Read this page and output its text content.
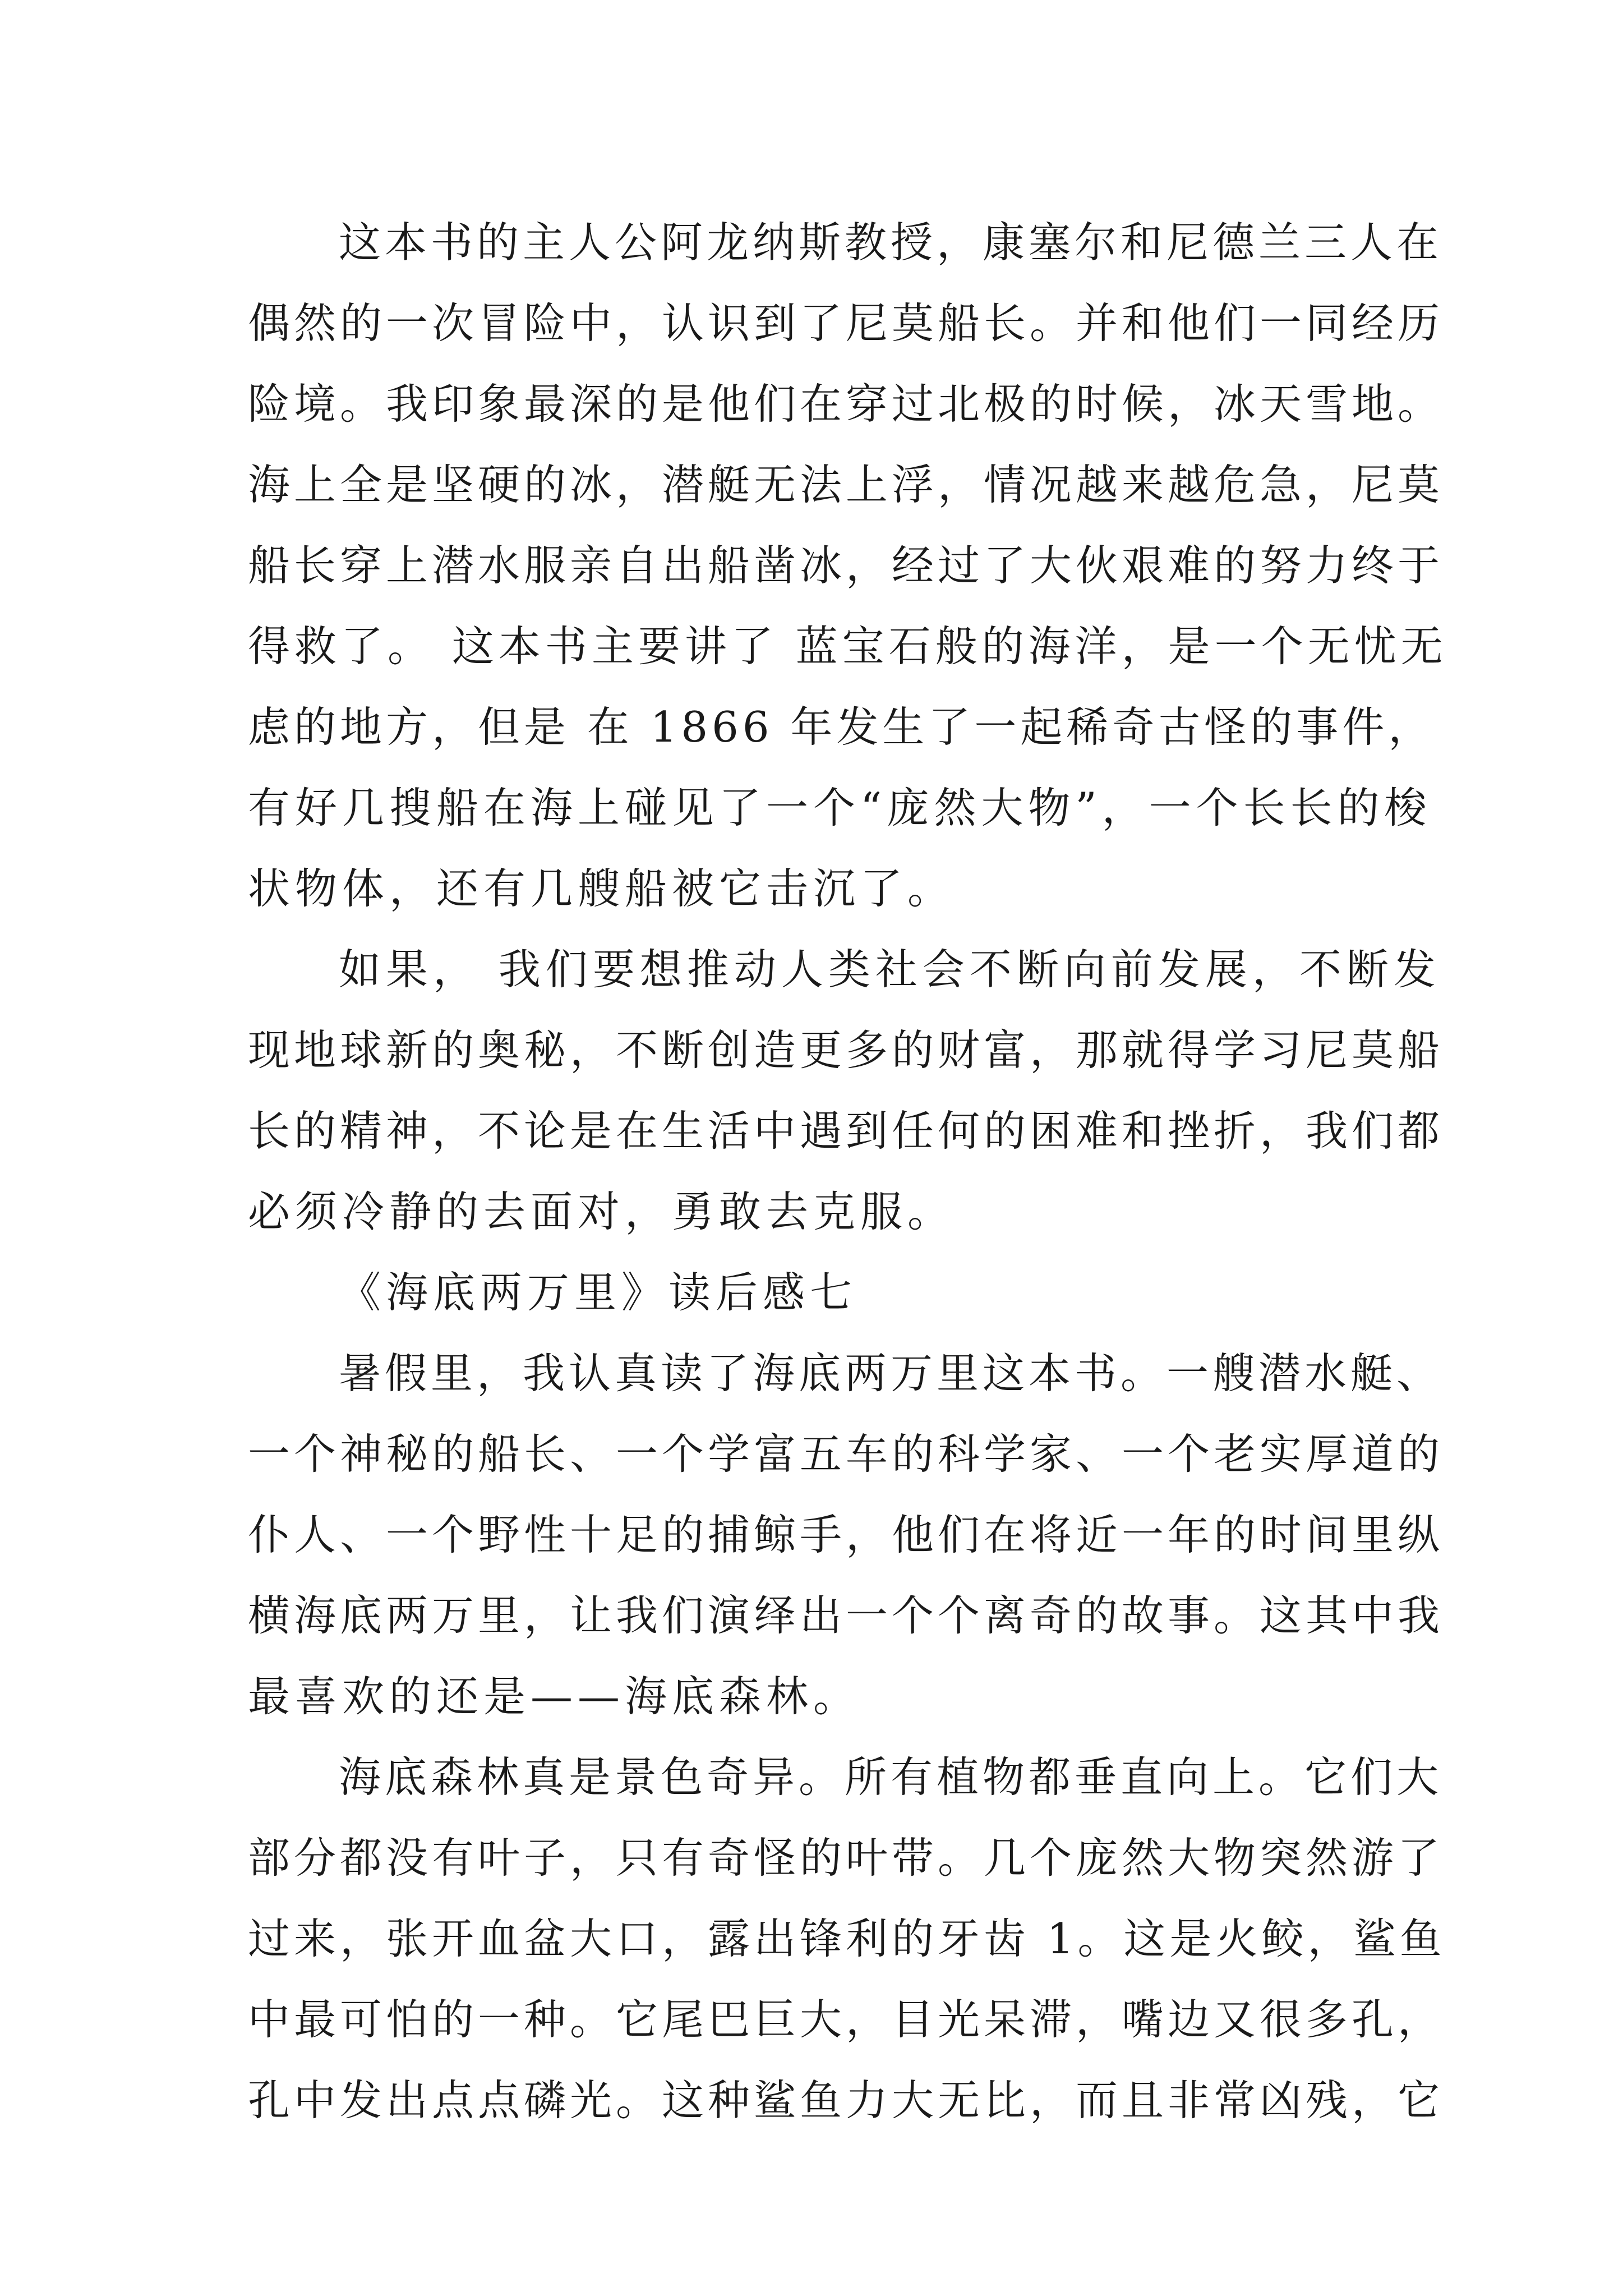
这本书的主人公阿龙纳斯教授，康塞尔和尼德兰三人在
偶然的一次冒险中，认识到了尼莫船长。并和他们一同经历
险境。我印象最深的是他们在穿过北极的时候，冰天雪地。
海上全是坚硬的冰，潜艇无法上浮，情况越来越危急，尼莫
船长穿上潜水服亲自出船凿冰，经过了大伙艰难的努力终于
得救了。 这本书主要讲了 蓝宝石般的海洋，是一个无忧无
虑的地方，但是 在 1866 年发生了一起稀奇古怪的事件，
有好几搜船在海上碰见了一个“庞然大物”，一个长长的梭
状物体，还有几艘船被它击沉了。
如果， 我们要想推动人类社会不断向前发展，不断发
现地球新的奥秘，不断创造更多的财富，那就得学习尼莫船
长的精神，不论是在生活中遇到任何的困难和挫折，我们都
必须冷静的去面对，勇敢去克服。
《海底两万里》读后感七
暑假里，我认真读了海底两万里这本书。一艘潜水艇、
一个神秘的船长、一个学富五车的科学家、一个老实厚道的
仆人、一个野性十足的捕鲸手，他们在将近一年的时间里纵
横海底两万里，让我们演绎出一个个离奇的故事。这其中我
最喜欢的还是——海底森林。
海底森林真是景色奇异。所有植物都垂直向上。它们大
部分都没有叶子，只有奇怪的叶带。几个庞然大物突然游了
过来，张开血盆大口，露出锋利的牙齿 1。这是火鲛，鲨鱼
中最可怕的一种。它尾巴巨大，目光呆滞，嘴边又很多孔，
孔中发出点点磷光。这种鲨鱼力大无比，而且非常凶残，它
